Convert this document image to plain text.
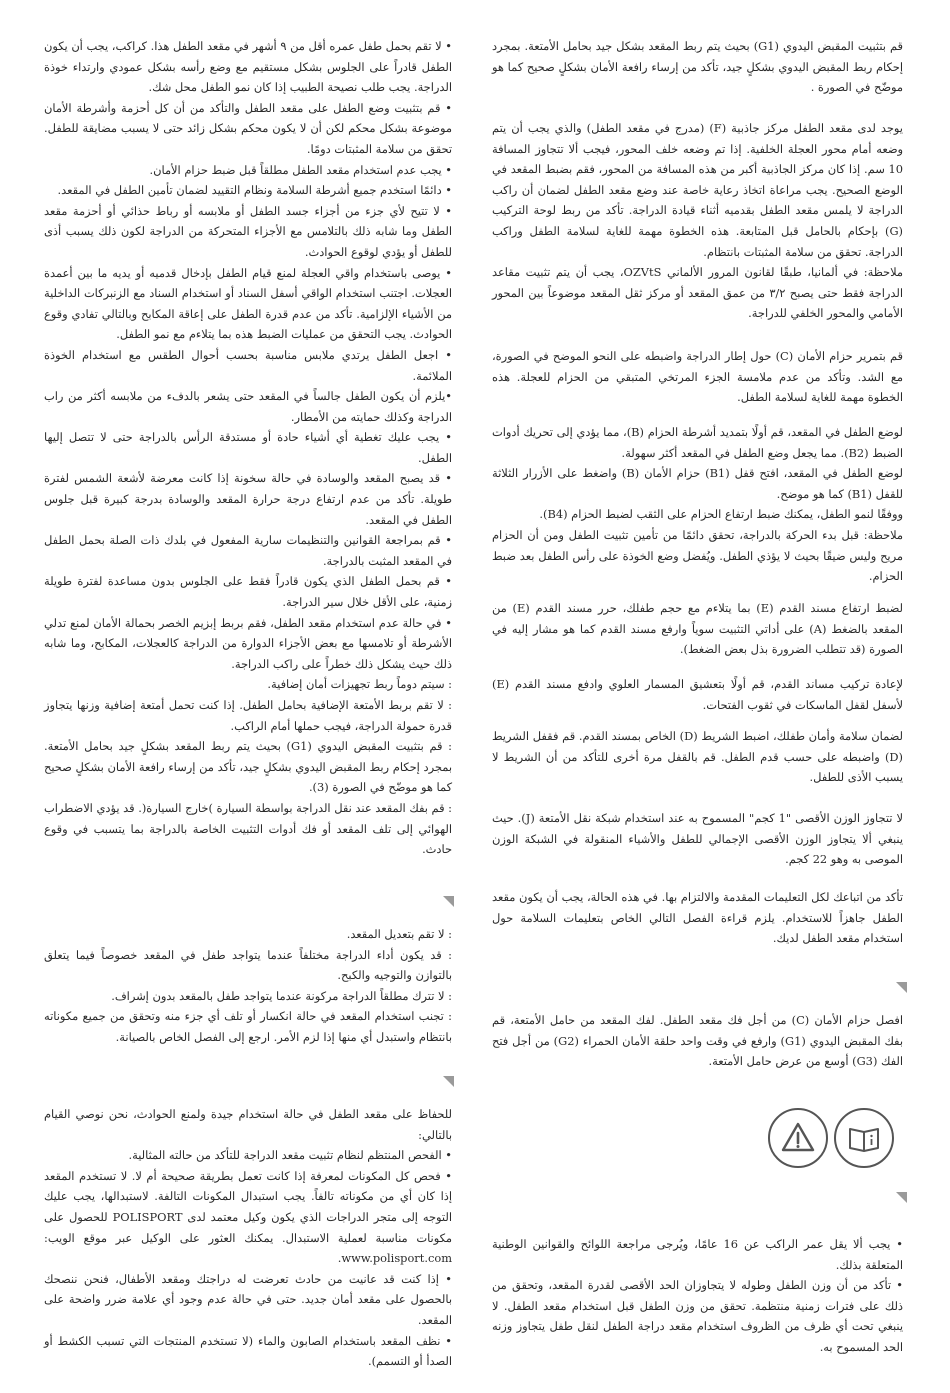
• لا تقم بحمل طفل عمره أقل من ٩ أشهر في مقعد الطفل هذا. كراكب، يجب أن يكون الطفل قادراً على الجلوس بشكل مستقيم مع وضع رأسه بشكل عمودي وارتداء خوذة الدراجة. يجب طلب نصيحة الطبيب إذا كان نمو الطفل محل شك.

• قم بتثبيت وضع الطفل على مقعد الطفل والتأكد من أن كل أحزمة وأشرطة الأمان موضوعة بشكل محكم لكن أن لا يكون محكم بشكل زائد حتى لا يسبب مضايقة للطفل. تحقق من سلامة المثبتات دومًا.

• يجب عدم استخدام مقعد الطفل مطلقاً قبل ضبط حزام الأمان.

• دائمًا استخدم جميع أشرطة السلامة ونظام التقييد لضمان تأمين الطفل في المقعد.

• لا تتيح لأي جزء من أجزاء جسد الطفل أو ملابسه أو رباط حذائي أو أحزمة مقعد الطفل وما شابه ذلك بالتلامس مع الأجزاء المتحركة من الدراجة لكون ذلك يسبب أذى للطفل أو يؤدي لوقوع الحوادث.

• يوصى باستخدام واقي العجلة لمنع قيام الطفل بإدخال قدميه أو يديه ما بين أعمدة العجلات. اجتنب استخدام الواقي أسفل السناد أو استخدام السناد مع الزنبركات الداخلية من الأشياء الإلزامية. تأكد من عدم قدرة الطفل على إعاقة المكابح وبالتالي تفادي وقوع الحوادث. يجب التحقق من عمليات الضبط هذه بما يتلاءم مع نمو الطفل.

• اجعل الطفل يرتدي ملابس مناسبة بحسب أحوال الطقس مع استخدام الخوذة الملائمة.

•يلزم أن يكون الطفل جالساً في المقعد حتى يشعر بالدفء من ملابسه أكثر من راب الدراجة وكذلك حمايته من الأمطار.

• يجب عليك تغطية أي أشياء حادة أو مستدقة الرأس بالدراجة حتى لا تتصل إليها الطفل.

• قد يصبح المقعد والوسادة في حالة سخونة إذا كانت معرضة لأشعة الشمس لفترة طويلة. تأكد من عدم ارتفاع درجة حرارة المقعد والوسادة بدرجة كبيرة قبل جلوس الطفل في المقعد.

• قم بمراجعة القوانين والتنظيمات سارية المفعول في بلدك ذات الصلة بحمل الطفل في المقعد المثبت بالدراجة.

• قم بحمل الطفل الذي يكون قادراً فقط على الجلوس بدون مساعدة لفترة طويلة زمنية، على الأقل خلال سير الدراجة.

• في حالة عدم استخدام مقعد الطفل، فقم بربط إبزيم الخصر بحمالة الأمان لمنع تدلي الأشرطة أو تلامسها مع بعض الأجزاء الدوارة من الدراجة كالعجلات، المكابح، وما شابه ذلك حيث يشكل ذلك خطراً على راكب الدراجة.

: سيتم دوماً ربط تجهيزات أمان إضافية.

: لا تقم بربط الأمتعة الإضافية بحامل الطفل. إذا كنت تحمل أمتعة إضافية وزنها يتجاوز قدرة حمولة الدراجة، فيجب حملها أمام الراكب.

: قم بتثبيت المقبض اليدوي (G1) بحيث يتم ربط المقعد بشكلٍ جيد بحامل الأمتعة. بمجرد إحكام ربط المقبض اليدوي بشكلٍ جيد، تأكد من إرساء رافعة الأمان بشكلٍ صحيح كما هو موضّح في الصورة (3).

: قم بفك المقعد عند نقل الدراجة بواسطة السيارة )خارج السيارة(. قد يؤدي الاضطراب الهوائي إلى تلف المقعد أو فك أدوات التثبيت الخاصة بالدراجة بما يتسبب في وقوع حادث.

: لا تقم بتعديل المقعد.

: قد يكون أداء الدراجة مختلفاً عندما يتواجد طفل في المقعد خصوصاً فيما يتعلق بالتوازن والتوجيه والكبح.

: لا تترك مطلقاً الدراجة مركونة عندما يتواجد طفل بالمقعد بدون إشراف.

: تجنب استخدام المقعد في حالة انكسار أو تلف أي جزء منه وتحقق من جميع مكوناته بانتظام واستبدل أي منها إذا لزم الأمر. ارجع إلى الفصل الخاص بالصيانة.

للحفاظ على مقعد الطفل في حالة استخدام جيدة ولمنع الحوادث، نحن نوصي القيام بالتالي:

• الفحص المنتظم لنظام تثبيت مقعد الدراجة للتأكد من حالته المثالية.

• فحص كل المكونات لمعرفة إذا كانت تعمل بطريقة صحيحة أم لا. لا تستخدم المقعد إذا كان أي من مكوناته تالفاً. يجب استبدال المكونات التالفة. لاستبدالها، يجب عليك التوجه إلى متجر الدراجات الذي يكون وكيل معتمد لدى POLISPORT للحصول على مكونات مناسبة لعملية الاستبدال. يمكنك العثور على الوكيل عبر موقع الويب: www.polisport.com.

• إذا كنت قد عانيت من حادث تعرضت له دراجتك ومقعد الأطفال، فنحن ننصحك بالحصول على مقعد أمان جديد. حتى في حالة عدم وجود أي علامة ضرر واضحة على المقعد.

• نظف المقعد باستخدام الصابون والماء (لا تستخدم المنتجات التي تسبب الكشط أو الصدأ أو التسمم).

قم بتثبيت المقبض اليدوي (G1) بحيث يتم ربط المقعد بشكل جيد بحامل الأمتعة. بمجرد إحكام ربط المقبض اليدوي بشكلٍ جيد، تأكد من إرساء رافعة الأمان بشكلٍ صحيح كما هو موضّح في الصورة .

يوجد لدى مقعد الطفل مركز جاذبية (F) (مدرج في مقعد الطفل) والذي يجب أن يتم وضعه أمام محور العجلة الخلفية. إذا تم وضعه خلف المحور، فيجب ألا تتجاوز المسافة 10 سم. إذا كان مركز الجاذبية أكبر من هذه المسافة من المحور، فقم بضبط المقعد في الوضع الصحيح. يجب مراعاة اتخاذ رعاية خاصة عند وضع مقعد الطفل لضمان أن راكب الدراجة لا يلمس مقعد الطفل بقدميه أثناء قيادة الدراجة. تأكد من ربط لوحة التركيب (G) بإحكام بالحامل قبل المتابعة. هذه الخطوة مهمة للغاية لسلامة الطفل وراكب الدراجة. تحقق من سلامة المثبتات بانتظام.

ملاحظة: في ألمانيا، طبقًا لقانون المرور الألماني OZVtS، يجب أن يتم تثبيت مقاعد الدراجة فقط حتى يصبح ٣/٢ من عمق المقعد أو مركز ثقل المقعد موضوعاً بين المحور الأمامي والمحور الخلفي للدراجة.

قم بتمرير حزام الأمان (C) حول إطار الدراجة واضبطه على النحو الموضح في الصورة، مع الشد. وتأكد من عدم ملامسة الجزء المرتخي المتبقي من الحزام للعجلة. هذه الخطوة مهمة للغاية لسلامة الطفل.

لوضع الطفل في المقعد، قم أولًا بتمديد أشرطة الحزام (B)، مما يؤدي إلى تحريك أدوات الضبط (B2). مما يجعل وضع الطفل في المقعد أكثر سهولة.

لوضع الطفل في المقعد، افتح قفل (B1) حزام الأمان (B) واضغط على الأزرار الثلاثة للقفل (B1) كما هو موضح.

ووفقًا لنمو الطفل، يمكنك ضبط ارتفاع الحزام على الثقب لضبط الحزام (B4).

ملاحظة: قبل بدء الحركة بالدراجة، تحقق دائمًا من تأمين تثبيت الطفل ومن أن الحزام مريح وليس ضيقًا بحيث لا يؤذي الطفل. ويُفضل وضع الخوذة على رأس الطفل بعد ضبط الحزام.

لضبط ارتفاع مسند القدم (E) بما يتلاءم مع حجم طفلك، حرر مسند القدم (E) من المقعد بالضغط (A) على أداتي التثبيت سوياً وارفع مسند القدم كما هو مشار إليه في الصورة (قد تتطلب الضرورة بذل بعض الضغط).

لإعادة تركيب مساند القدم، قم أولًا بتعشيق المسمار العلوي وادفع مسند القدم (E) لأسفل لقفل الماسكات في ثقوب الفتحات.

لضمان سلامة وأمان طفلك، اضبط الشريط (D) الخاص بمسند القدم. قم فقفل الشريط (D) واضبطه على حسب قدم الطفل. قم بالقفل مرة أخرى للتأكد من أن الشريط لا يسبب الأذى للطفل.

لا تتجاوز الوزن الأقصى "1 كجم" المسموح به عند استخدام شبكة نقل الأمتعة (J). حيث ينبغي ألا يتجاوز الوزن الأقصى الإجمالي للطفل والأشياء المنقولة في الشبكة الوزن الموصى به وهو 22 كجم.

تأكد من اتباعك لكل التعليمات المقدمة والالتزام بها. في هذه الحالة، يجب أن يكون مقعد الطفل جاهزاً للاستخدام. يلزم قراءة الفصل التالي الخاص بتعليمات السلامة حول استخدام مقعد الطفل لديك.

افصل حزام الأمان (C) من أجل فك مقعد الطفل. لفك المقعد من حامل الأمتعة، قم بفك المقبض اليدوي (G1) وارفع في وقت واحد حلقة الأمان الحمراء (G2) من أجل فتح الفك (G3) أوسع من عرض حامل الأمتعة.

• يجب ألا يقل عمر الراكب عن 16 عامًا، ويُرجى مراجعة اللوائح والقوانين الوطنية المتعلقة بذلك.

• تأكد من أن وزن الطفل وطوله لا يتجاوزان الحد الأقصى لقدرة المقعد، وتحقق من ذلك على فترات زمنية منتظمة. تحقق من وزن الطفل قبل استخدام مقعد الطفل. لا ينبغي تحت أي ظرف من الظروف استخدام مقعد دراجة الطفل لنقل طفل يتجاوز وزنه الحد المسموح به.
